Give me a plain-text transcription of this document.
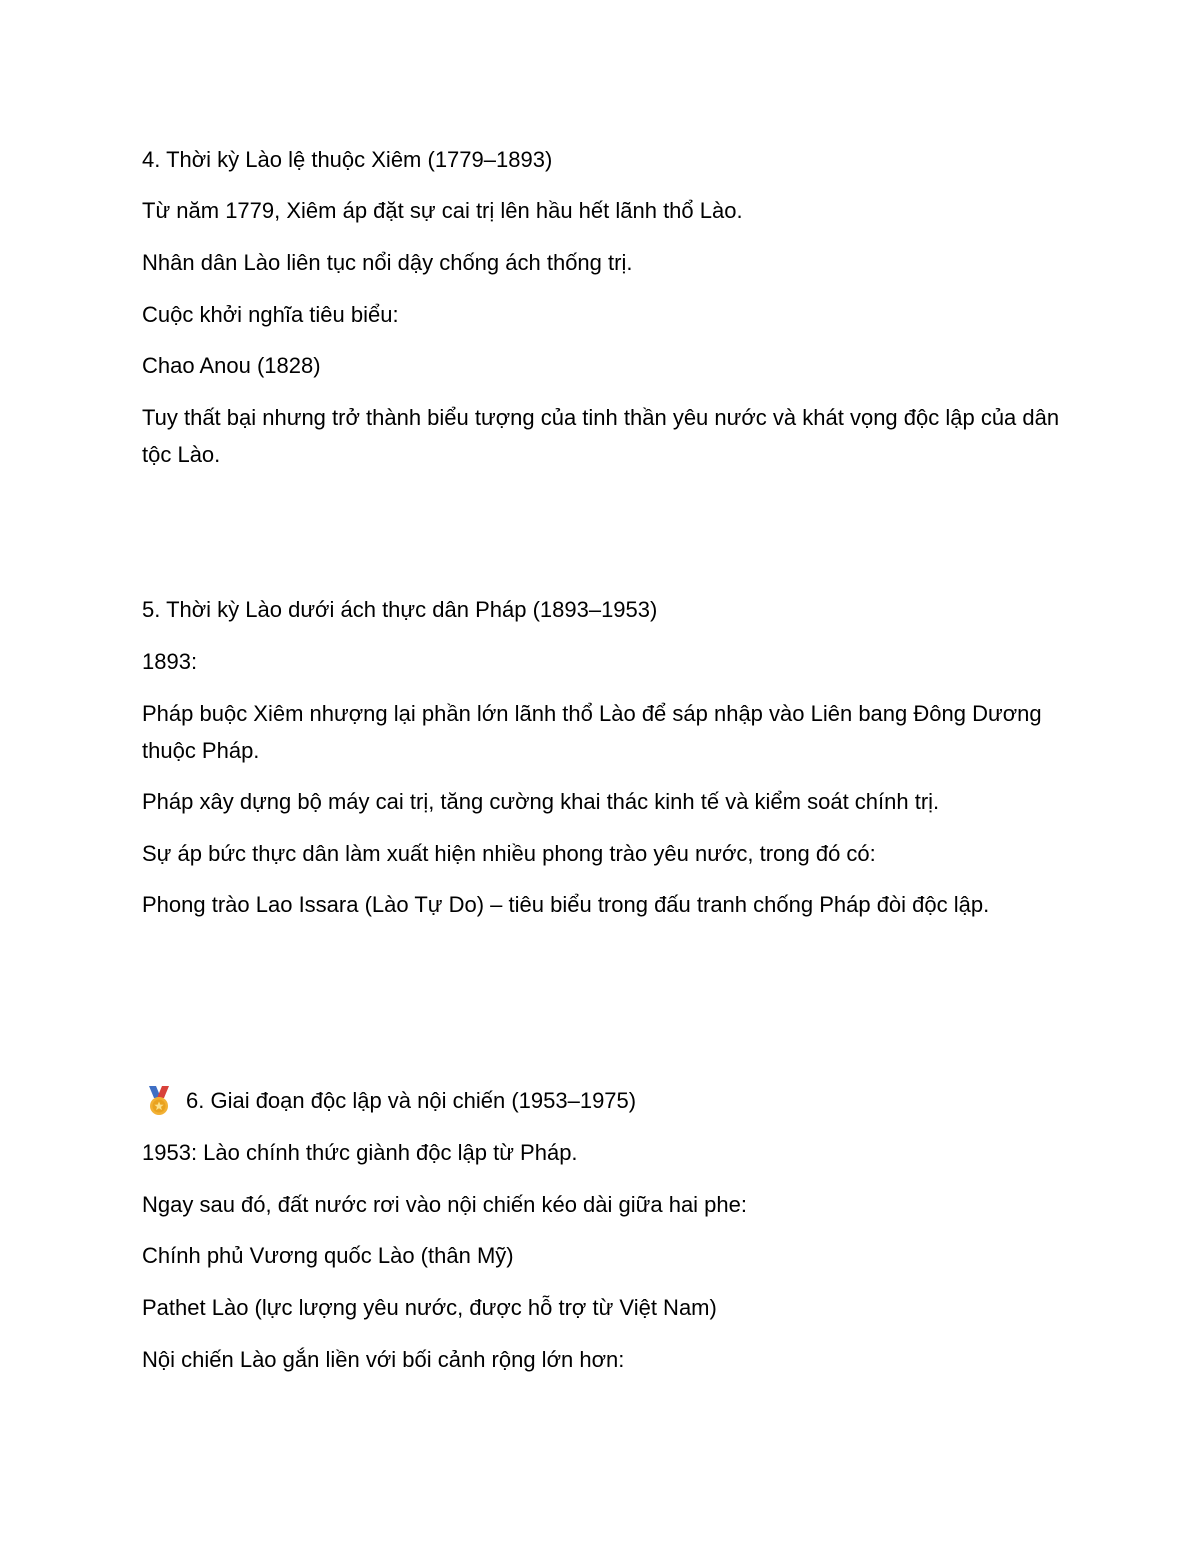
4. Thời kỳ Lào lệ thuộc Xiêm (1779–1893)

Từ năm 1779, Xiêm áp đặt sự cai trị lên hầu hết lãnh thổ Lào.

Nhân dân Lào liên tục nổi dậy chống ách thống trị.

Cuộc khởi nghĩa tiêu biểu:

Chao Anou (1828)

Tuy thất bại nhưng trở thành biểu tượng của tinh thần yêu nước và khát vọng độc lập của dân tộc Lào.

5. Thời kỳ Lào dưới ách thực dân Pháp (1893–1953)

1893:

Pháp buộc Xiêm nhượng lại phần lớn lãnh thổ Lào để sáp nhập vào Liên bang Đông Dương thuộc Pháp.

Pháp xây dựng bộ máy cai trị, tăng cường khai thác kinh tế và kiểm soát chính trị.

Sự áp bức thực dân làm xuất hiện nhiều phong trào yêu nước, trong đó có:

Phong trào Lao Issara (Lào Tự Do) – tiêu biểu trong đấu tranh chống Pháp đòi độc lập.

6. Giai đoạn độc lập và nội chiến (1953–1975)

1953: Lào chính thức giành độc lập từ Pháp.

Ngay sau đó, đất nước rơi vào nội chiến kéo dài giữa hai phe:

Chính phủ Vương quốc Lào (thân Mỹ)

Pathet Lào (lực lượng yêu nước, được hỗ trợ từ Việt Nam)

Nội chiến Lào gắn liền với bối cảnh rộng lớn hơn:
